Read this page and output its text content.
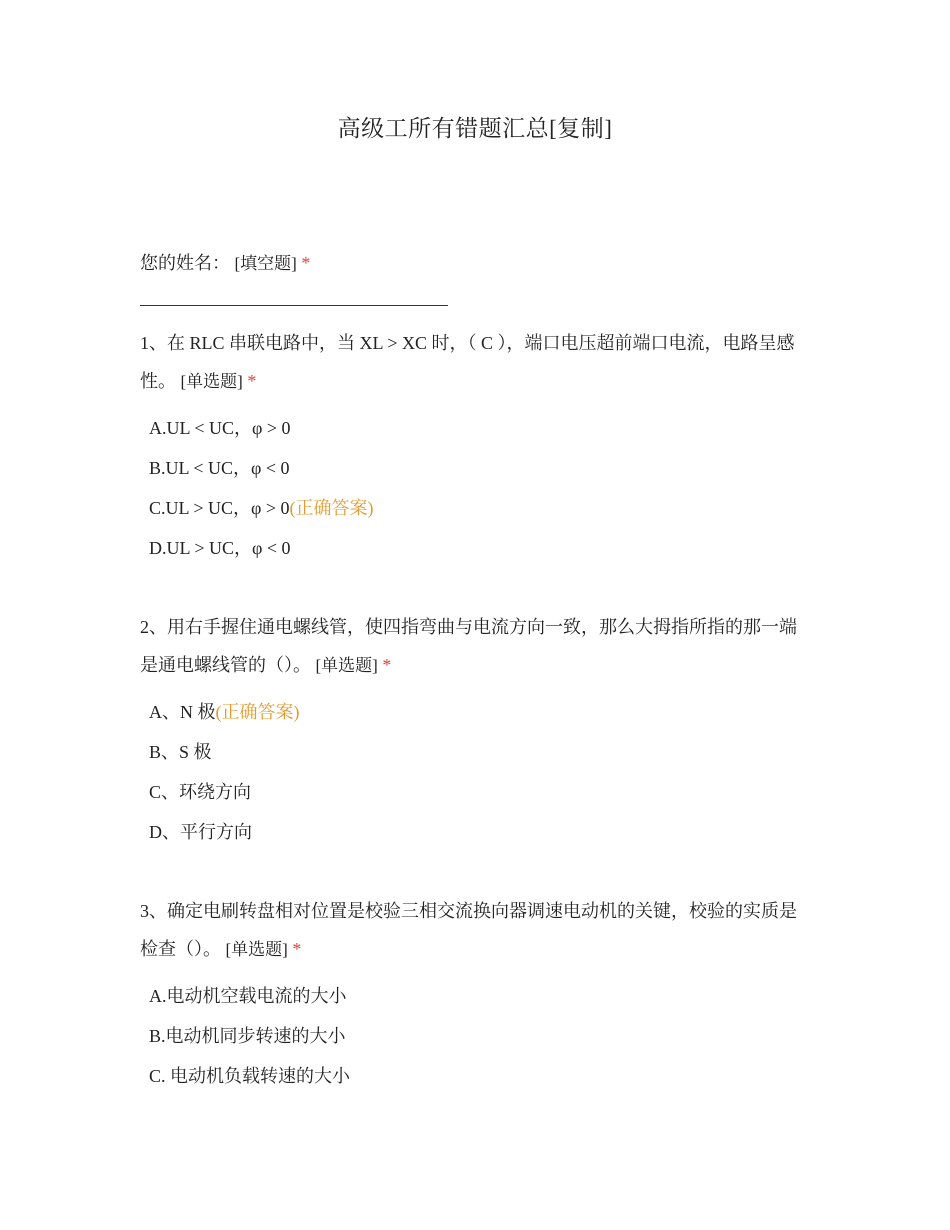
高级工所有错题汇总[复制]
您的姓名： [填空题] *
1、在 RLC 串联电路中，当 XL > XC 时，（ C ），端口电压超前端口电流，电路呈感性。 [单选题] *
A.UL < UC，φ > 0
B.UL < UC，φ < 0
C.UL > UC，φ > 0(正确答案)
D.UL > UC，φ < 0
2、用右手握住通电螺线管，使四指弯曲与电流方向一致，那么大拇指所指的那一端是通电螺线管的（）。 [单选题] *
A、N 极(正确答案)
B、S 极
C、环绕方向
D、平行方向
3、确定电刷转盘相对位置是校验三相交流换向器调速电动机的关键，校验的实质是检查（）。 [单选题] *
A.电动机空载电流的大小
B.电动机同步转速的大小
C. 电动机负载转速的大小
